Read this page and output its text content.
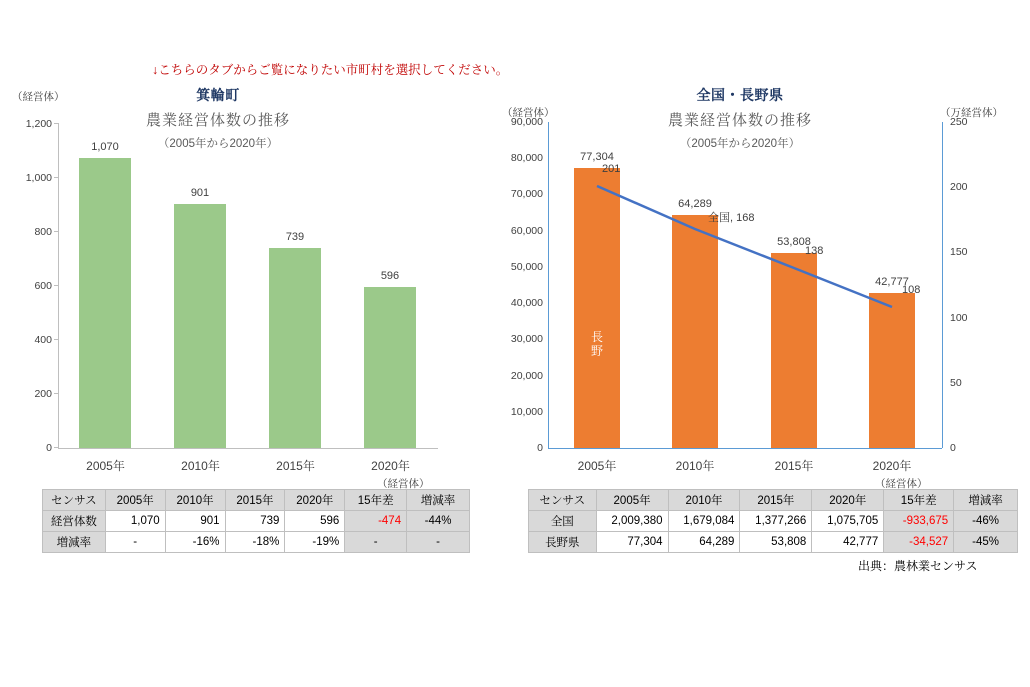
↓こちらのタブからご覧になりたい市町村を選択してください。
（経営体）	箕輪町
農業経営体数の推移
（2005年から2020年）
1,200
1,000
800
600
400
200
0
1,070
901
739
596
2005年	2010年	2015年	2020年
（経営体）
センサス	2005年	2010年	2015年	2020年	15年差	増減率
経営体数	1,070	901	739	596	-474	-44%
増減率	-	-16%	-18%	-19%	-	-
（経営体）	（万経営体）
全国・長野県
農業経営体数の推移
（2005年から2020年）
90,000
80,000
70,000
60,000
50,000
40,000
30,000
20,000
10,000
0
250
200
150
100
50
0
77,304
長
野
64,289
53,808
42,777
201
全国, 168
138
108
2005年	2010年	2015年	2020年
（経営体）
センサス	2005年	2010年	2015年	2020年	15年差	増減率
全国	2,009,380	1,679,084	1,377,266	1,075,705	-933,675	-46%
長野県	77,304	64,289	53,808	42,777	-34,527	-45%
出典：農林業センサス
